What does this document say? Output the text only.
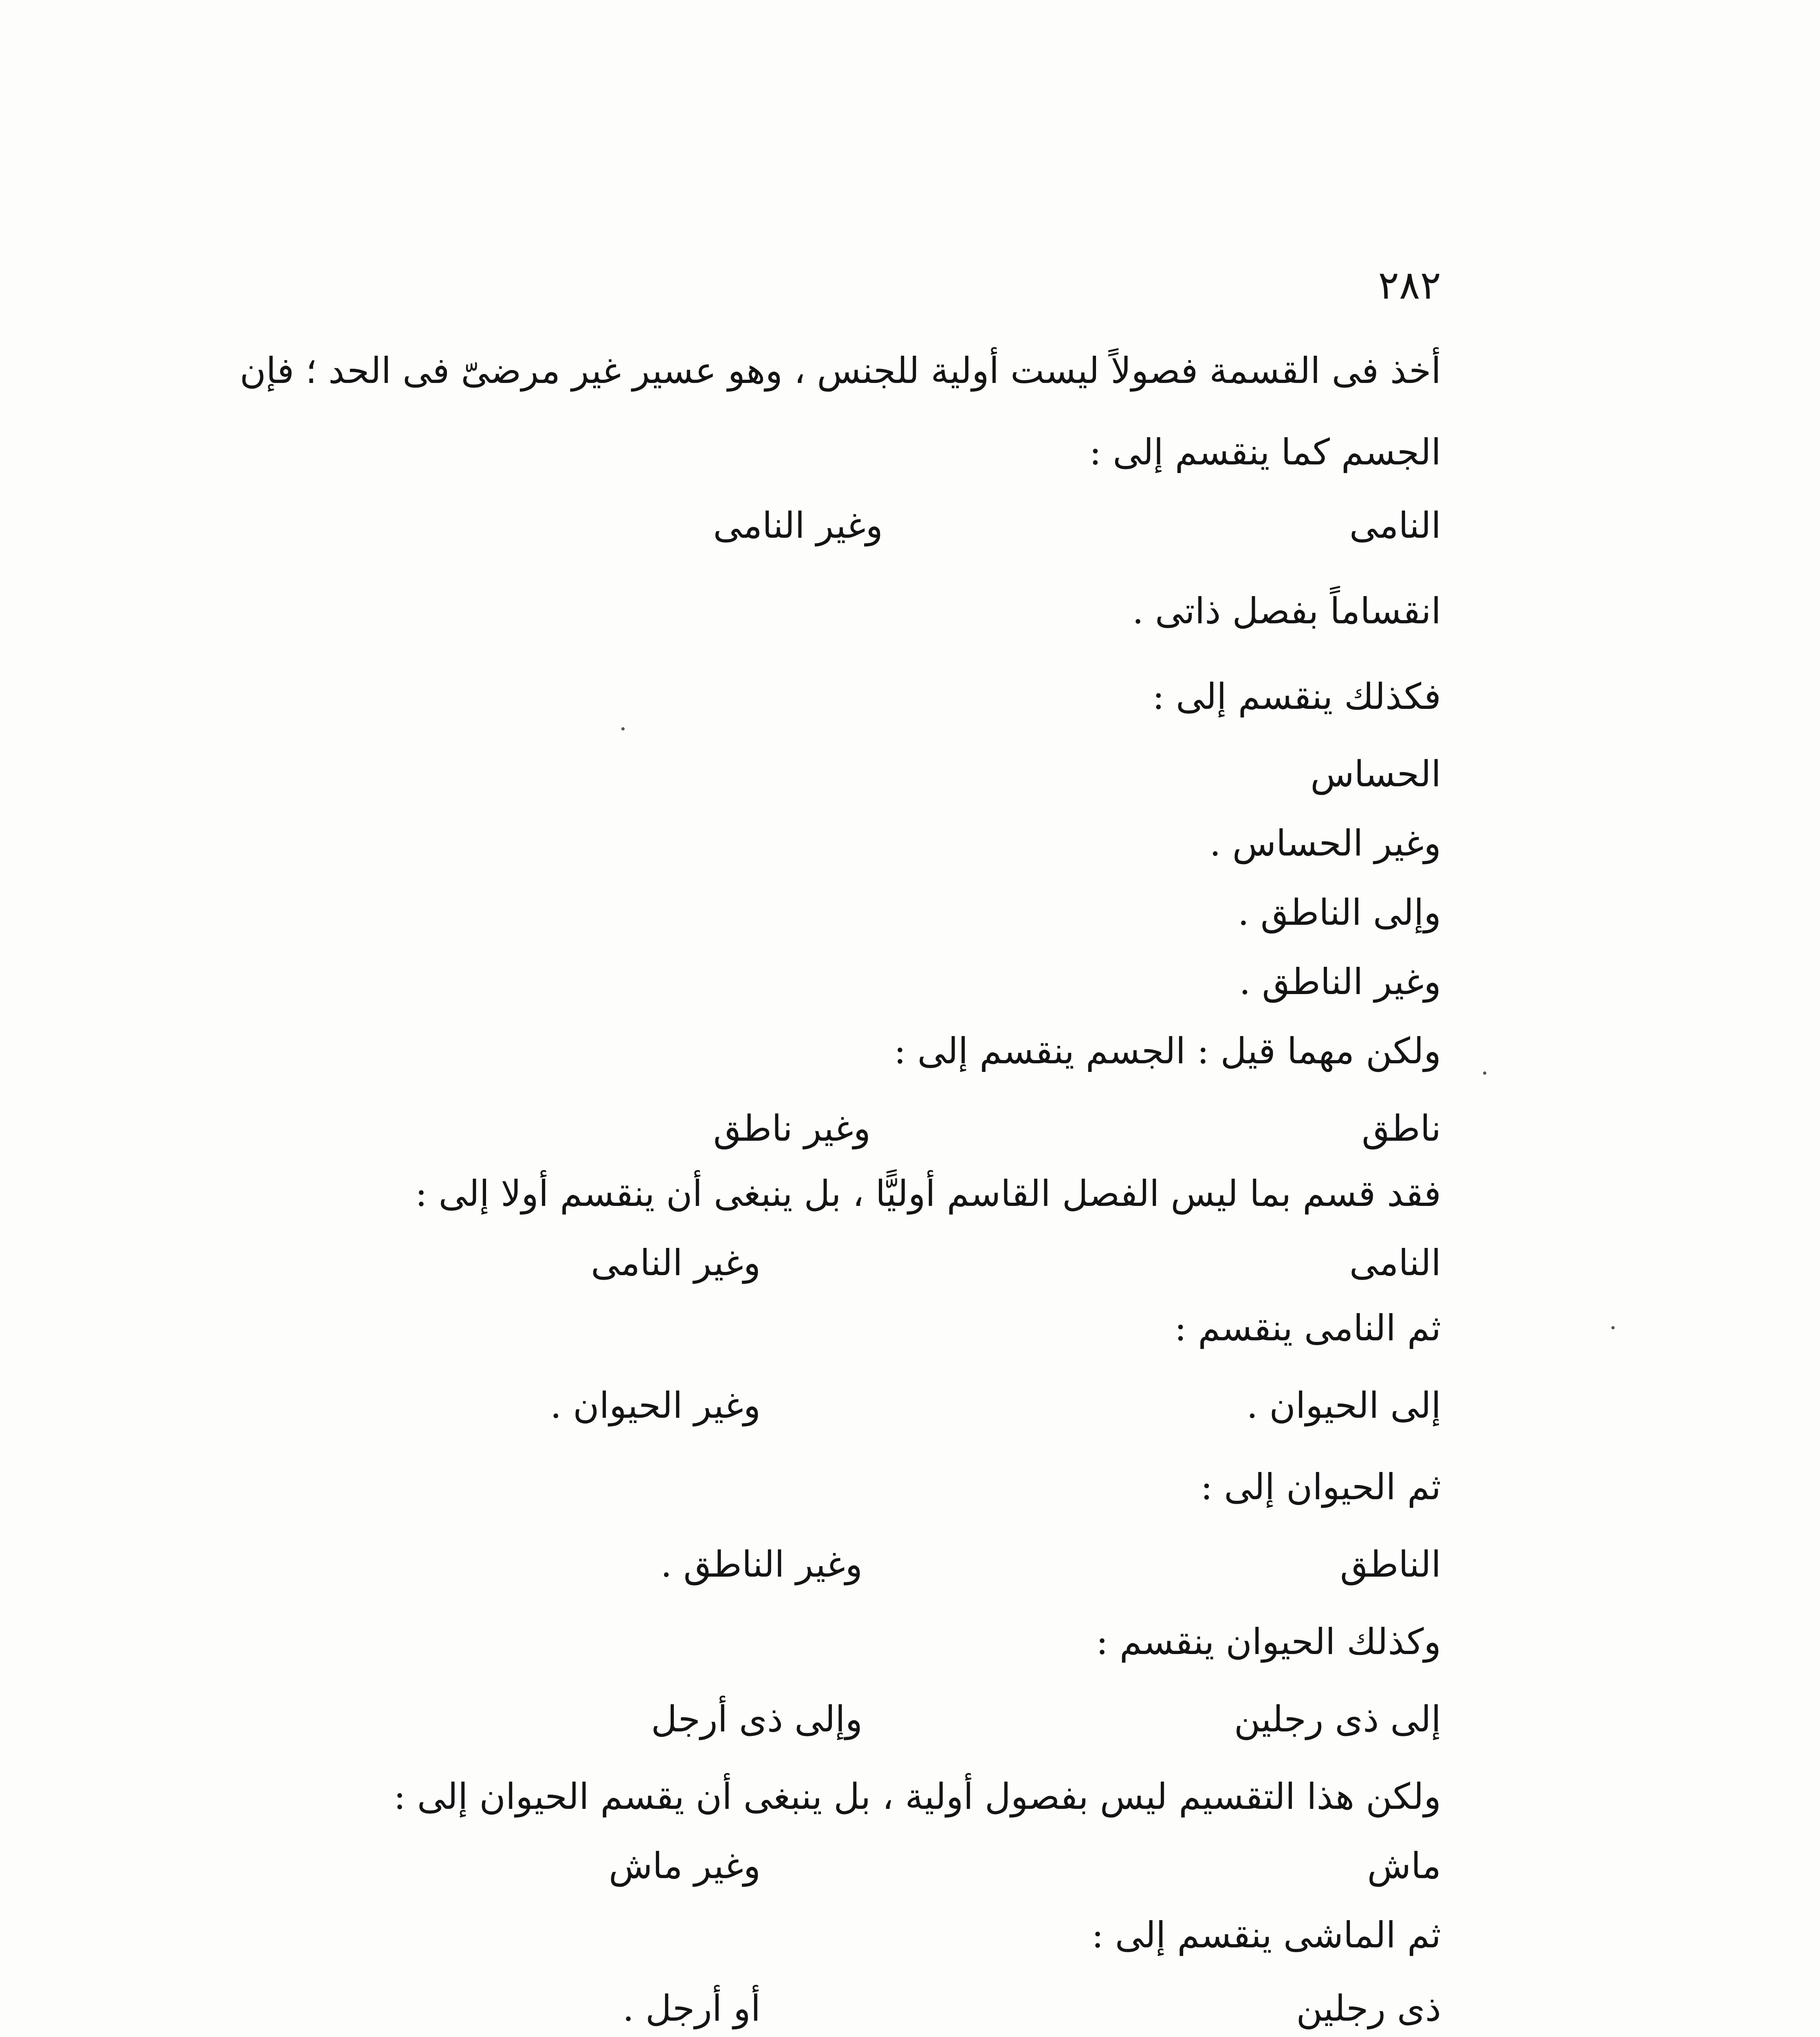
٢٨٢
أخذ فى القسمة فصولاً ليست أولية للجنس ، وهو عسير غير مرضىّ فى الحد ؛ فإن
الجسم كما ينقسم إلى :
النامى
وغير النامى
انقساماً بفصل ذاتى .
فكذلك ينقسم إلى :
الحساس
وغير الحساس .
وإلى الناطق .
وغير الناطق .
ولكن مهما قيل : الجسم ينقسم إلى :
ناطق
وغير ناطق
فقد قسم بما ليس الفصل القاسم أوليًّا ، بل ينبغى أن ينقسم أولا إلى :
النامى
وغير النامى
ثم النامى ينقسم :
إلى الحيوان .
وغير الحيوان .
ثم الحيوان إلى :
الناطق
وغير الناطق .
وكذلك الحيوان ينقسم :
إلى ذى رجلين
وإلى ذى أرجل
ولكن هذا التقسيم ليس بفصول أولية ، بل ينبغى أن يقسم الحيوان إلى :
ماش
وغير ماش
ثم الماشى ينقسم إلى :
ذى رجلين
أو أرجل .
